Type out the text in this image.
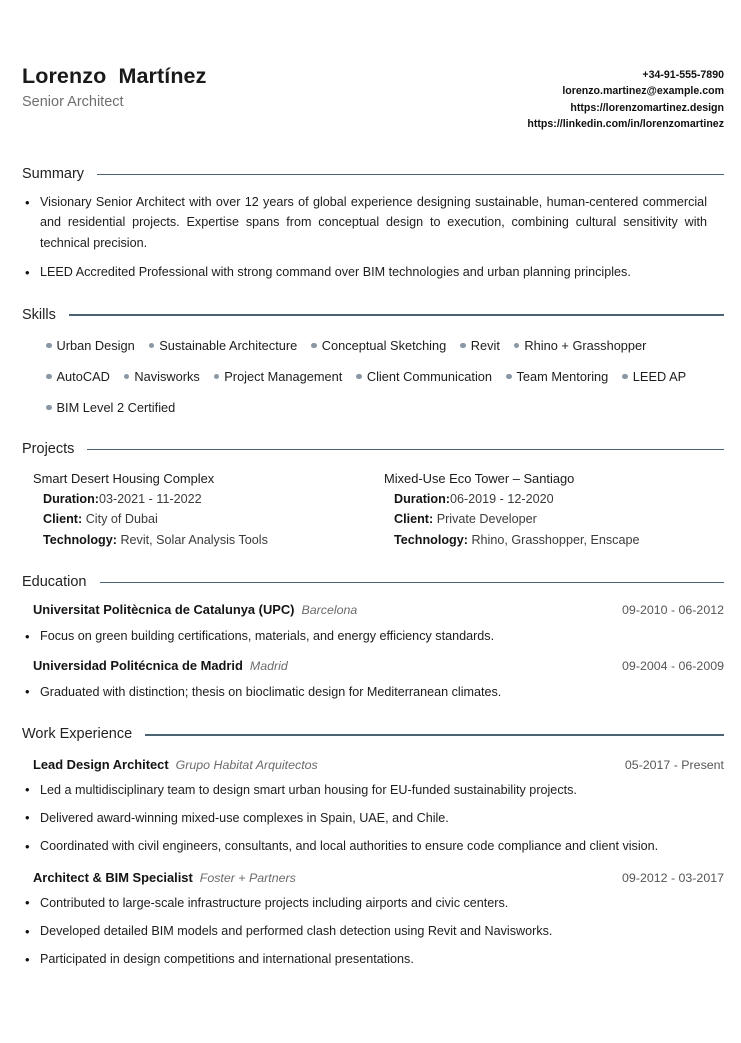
Lorenzo  Martínez
Senior Architect
+34-91-555-7890
lorenzo.martinez@example.com
https://lorenzomartinez.design
https://linkedin.com/in/lorenzomartinez
Summary
• Visionary Senior Architect with over 12 years of global experience designing sustainable, human-centered commercial and residential projects. Expertise spans from conceptual design to execution, combining cultural sensitivity with technical precision.
• LEED Accredited Professional with strong command over BIM technologies and urban planning principles.
Skills
Urban Design Sustainable Architecture Conceptual Sketching Revit Rhino + Grasshopper
AutoCAD Navisworks Project Management Client Communication Team Mentoring LEED AP
BIM Level 2 Certified
Projects
Smart Desert Housing Complex
Duration:03-2021 - 11-2022
Client: City of Dubai
Technology: Revit, Solar Analysis Tools
Mixed-Use Eco Tower – Santiago
Duration:06-2019 - 12-2020
Client: Private Developer
Technology: Rhino, Grasshopper, Enscape
Education
Universitat Politècnica de Catalunya (UPC) Barcelona	09-2010 - 06-2012
• Focus on green building certifications, materials, and energy efficiency standards.
Universidad Politécnica de Madrid Madrid	09-2004 - 06-2009
• Graduated with distinction; thesis on bioclimatic design for Mediterranean climates.
Work Experience
Lead Design Architect Grupo Habitat Arquitectos	05-2017 - Present
• Led a multidisciplinary team to design smart urban housing for EU-funded sustainability projects.
• Delivered award-winning mixed-use complexes in Spain, UAE, and Chile.
• Coordinated with civil engineers, consultants, and local authorities to ensure code compliance and client vision.
Architect & BIM Specialist Foster + Partners	09-2012 - 03-2017
• Contributed to large-scale infrastructure projects including airports and civic centers.
• Developed detailed BIM models and performed clash detection using Revit and Navisworks.
• Participated in design competitions and international presentations.
